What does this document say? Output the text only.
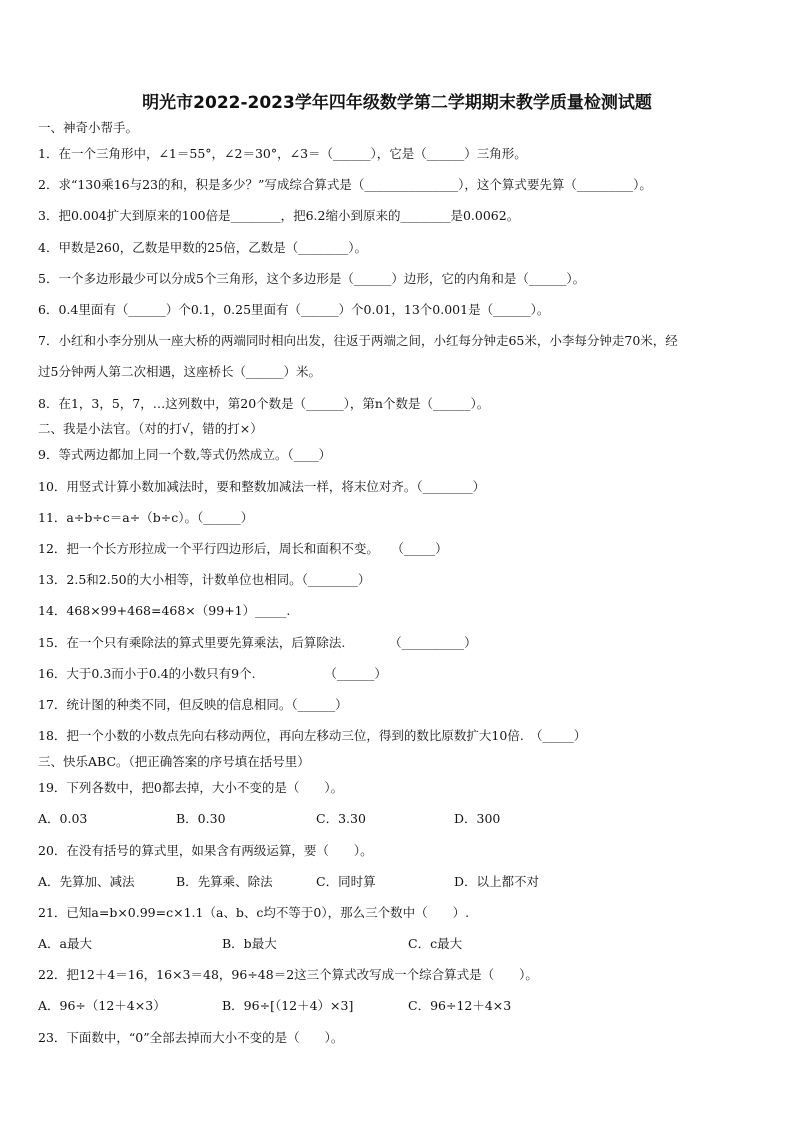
明光市2022-2023学年四年级数学第二学期期末教学质量检测试题
一、神奇小帮手。
1．在一个三角形中，∠1＝55°，∠2＝30°，∠3＝（______），它是（______）三角形。
2．求“130乘16与23的和，积是多少？”写成综合算式是（_______________），这个算式要先算（_________）。
3．把0.004扩大到原来的100倍是________，把6.2缩小到原来的________是0.0062。
4．甲数是260，乙数是甲数的25倍，乙数是（________）。
5．一个多边形最少可以分成5个三角形，这个多边形是（______）边形，它的内角和是（______）。
6．0.4里面有（______）个0.1，0.25里面有（______）个0.01，13个0.001是（______）。
7．小红和小李分别从一座大桥的两端同时相向出发，往返于两端之间，小红每分钟走65米，小李每分钟走70米，经
过5分钟两人第二次相遇，这座桥长（______）米。
8．在1，3，5，7，…这列数中，第20个数是（______），第n个数是（______）。
二、我是小法官。（对的打√，错的打×）
9．等式两边都加上同一个数,等式仍然成立。（____）
10．用竖式计算小数加减法时，要和整数加减法一样，将末位对齐。（________）
11．a÷b÷c＝a÷（b÷c）。（______）
12．把一个长方形拉成一个平行四边形后，周长和面积不变。　　（_____）
13．2.5和2.50的大小相等，计数单位也相同。（________）
14．468×99+468=468×（99+1）_____.
15．在一个只有乘除法的算式里要先算乘法，后算除法.　　　　（__________）
16．大于0.3而小于0.4的小数只有9个.　　　　　　（______）
17．统计图的种类不同，但反映的信息相同。（______）
18．把一个小数的小数点先向右移动两位，再向左移动三位，得到的数比原数扩大10倍.　（_____）
三、快乐ABC。（把正确答案的序号填在括号里）
19．下列各数中，把0都去掉，大小不变的是（　　）。
A．0.03	B．0.30	C．3.30	D．300
20．在没有括号的算式里，如果含有两级运算，要（　　）。
A．先算加、减法	B．先算乘、除法	C．同时算	D．以上都不对
21．已知a=b×0.99=c×1.1（a、b、c均不等于0），那么三个数中（　　）.
A．a最大	B．b最大	C．c最大
22．把12＋4＝16，16×3＝48，96÷48＝2这三个算式改写成一个综合算式是（　　）。
A．96÷（12＋4×3）	B．96÷[（12＋4）×3]	C．96÷12＋4×3
23．下面数中，“0”全部去掉而大小不变的是（　　）。
